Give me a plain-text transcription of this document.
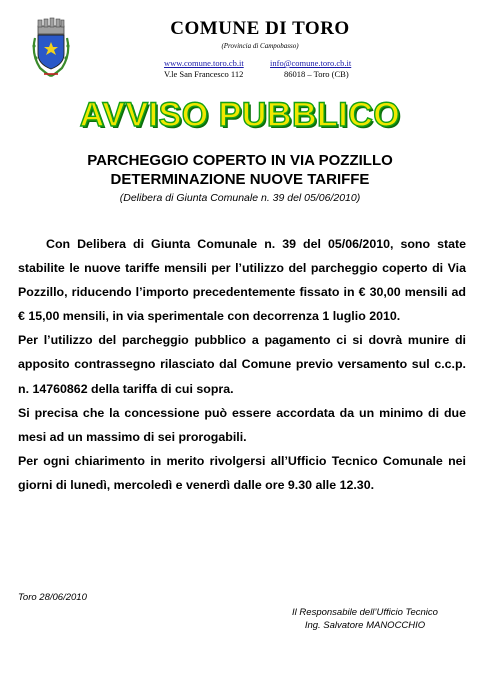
COMUNE DI TORO
(Provincia di Campobasso)
www.comune.toro.cb.it
V.le San Francesco 112
info@comune.toro.cb.it
86018 – Toro (CB)
AVVISO PUBBLICO
PARCHEGGIO COPERTO IN VIA POZZILLO
DETERMINAZIONE NUOVE TARIFFE
(Delibera di Giunta Comunale n. 39 del 05/06/2010)

Con Delibera di Giunta Comunale n. 39 del 05/06/2010, sono state stabilite le nuove tariffe mensili per l’utilizzo del parcheggio coperto di Via Pozzillo, riducendo l’importo precedentemente fissato in € 30,00 mensili ad € 15,00 mensili, in via sperimentale con decorrenza 1 luglio 2010.

Per l’utilizzo del parcheggio pubblico a pagamento ci si dovrà munire di apposito contrassegno rilasciato dal Comune previo versamento sul c.c.p. n. 14760862 della tariffa di cui sopra.

Si precisa che la concessione può essere accordata da un minimo di due mesi ad un massimo di sei prorogabili.

Per ogni chiarimento in merito rivolgersi all’Ufficio Tecnico Comunale nei giorni di lunedì, mercoledì e venerdì dalle ore 9.30 alle 12.30.

Toro 28/06/2010
Il Responsabile dell’Ufficio Tecnico
Ing. Salvatore MANOCCHIO
